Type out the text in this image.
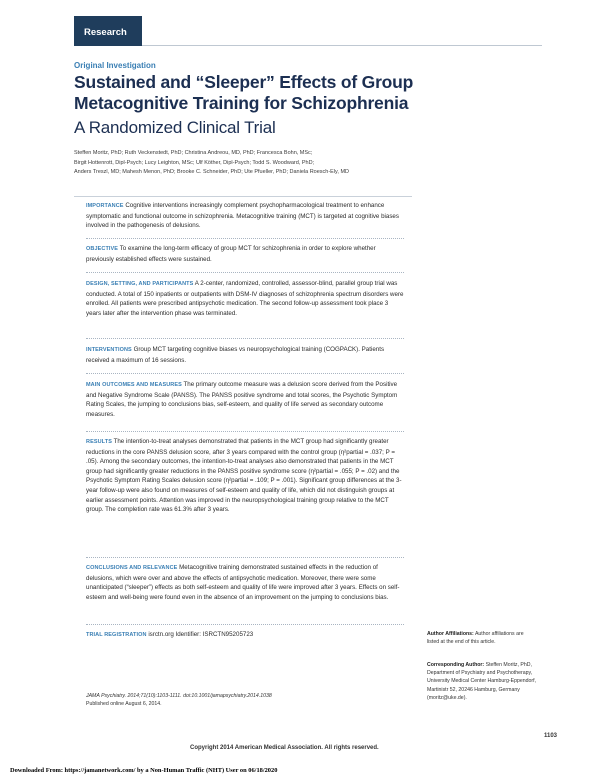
Research
Original Investigation
Sustained and “Sleeper” Effects of Group Metacognitive Training for Schizophrenia
A Randomized Clinical Trial
Steffen Moritz, PhD; Ruth Veckenstedt, PhD; Christina Andreou, MD, PhD; Francesca Bohn, MSc;
Birgit Hottenrott, Dipl-Psych; Lucy Leighton, MSc; Ulf Köther, Dipl-Psych; Todd S. Woodward, PhD;
Anders Treszl, MD; Mahesh Menon, PhD; Brooke C. Schneider, PhD; Ute Pfueller, PhD; Daniela Roesch-Ely, MD
IMPORTANCE Cognitive interventions increasingly complement psychopharmacological treatment to enhance symptomatic and functional outcome in schizophrenia. Metacognitive training (MCT) is targeted at cognitive biases involved in the pathogenesis of delusions.
OBJECTIVE To examine the long-term efficacy of group MCT for schizophrenia in order to explore whether previously established effects were sustained.
DESIGN, SETTING, AND PARTICIPANTS A 2-center, randomized, controlled, assessor-blind, parallel group trial was conducted. A total of 150 inpatients or outpatients with DSM-IV diagnoses of schizophrenia spectrum disorders were enrolled. All patients were prescribed antipsychotic medication. The second follow-up assessment took place 3 years later after the intervention phase was terminated.
INTERVENTIONS Group MCT targeting cognitive biases vs neuropsychological training (COGPACK). Patients received a maximum of 16 sessions.
MAIN OUTCOMES AND MEASURES The primary outcome measure was a delusion score derived from the Positive and Negative Syndrome Scale (PANSS). The PANSS positive syndrome and total scores, the Psychotic Symptom Rating Scales, the jumping to conclusions bias, self-esteem, and quality of life served as secondary outcome measures.
RESULTS The intention-to-treat analyses demonstrated that patients in the MCT group had significantly greater reductions in the core PANSS delusion score, after 3 years compared with the control group (η²partial = .037; P = .05). Among the secondary outcomes, the intention-to-treat analyses also demonstrated that patients in the MCT group had significantly greater reductions in the PANSS positive syndrome score (η²partial = .055; P = .02) and the Psychotic Symptom Rating Scales delusion score (η²partial = .109; P = .001). Significant group differences at the 3-year follow-up were also found on measures of self-esteem and quality of life, which did not distinguish groups at earlier assessment points. Attention was improved in the neuropsychological training group relative to the MCT group. The completion rate was 61.3% after 3 years.
CONCLUSIONS AND RELEVANCE Metacognitive training demonstrated sustained effects in the reduction of delusions, which were over and above the effects of antipsychotic medication. Moreover, there were some unanticipated (“sleeper”) effects as both self-esteem and quality of life were improved after 3 years. Effects on self-esteem and well-being were found even in the absence of an improvement on the jumping to conclusions bias.
TRIAL REGISTRATION isrctn.org Identifier: ISRCTN95205723	Author Affiliations: Author affiliations are listed at the end of this article.
Corresponding Author: Steffen Moritz, PhD, Department of Psychiatry and Psychotherapy, University Medical Center Hamburg-Eppendorf, Martinistr 52, 20246 Hamburg, Germany (moritz@uke.de).
JAMA Psychiatry. 2014;71(10):1103-1111. doi:10.1001/jamapsychiatry.2014.1038
Published online August 6, 2014.
1103
Copyright 2014 American Medical Association. All rights reserved.
Downloaded From: https://jamanetwork.com/ by a Non-Human Traffic (NHT) User on 06/18/2020
